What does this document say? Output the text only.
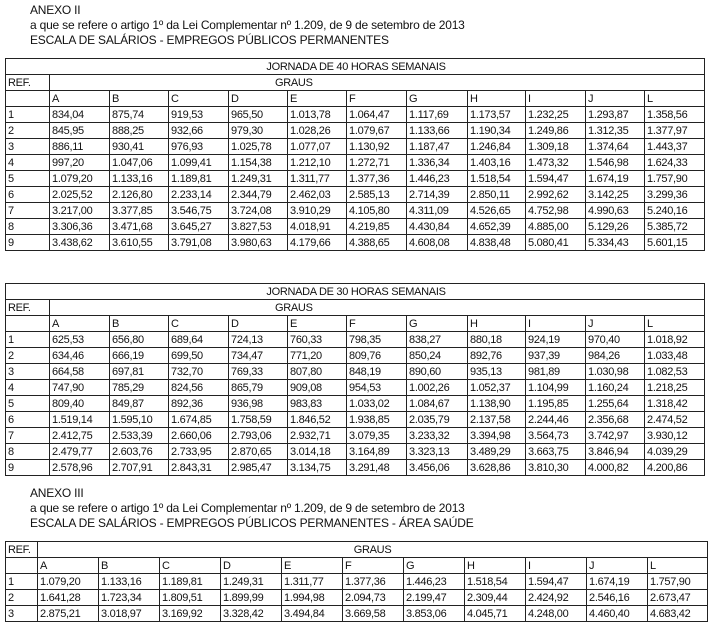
ANEXO II
a que se refere o artigo 1º da Lei Complementar nº 1.209, de 9 de setembro de 2013
ESCALA DE SALÁRIOS - EMPREGOS PÚBLICOS PERMANENTES
JORNADA DE 40 HORAS SEMANAIS											
REF.	GRAUS										
	A	B	C	D	E	F	G	H	I	J	L
1	834,04	875,74	919,53	965,50	1.013,78	1.064,47	1.117,69	1.173,57	1.232,25	1.293,87	1.358,56
2	845,95	888,25	932,66	979,30	1.028,26	1.079,67	1.133,66	1.190,34	1.249,86	1.312,35	1.377,97
3	886,11	930,41	976,93	1.025,78	1.077,07	1.130,92	1.187,47	1.246,84	1.309,18	1.374,64	1.443,37
4	997,20	1.047,06	1.099,41	1.154,38	1.212,10	1.272,71	1.336,34	1.403,16	1.473,32	1.546,98	1.624,33
5	1.079,20	1.133,16	1.189,81	1.249,31	1.311,77	1.377,36	1.446,23	1.518,54	1.594,47	1.674,19	1.757,90
6	2.025,52	2.126,80	2.233,14	2.344,79	2.462,03	2.585,13	2.714,39	2.850,11	2.992,62	3.142,25	3.299,36
7	3.217,00	3.377,85	3.546,75	3.724,08	3.910,29	4.105,80	4.311,09	4.526,65	4.752,98	4.990,63	5.240,16
8	3.306,36	3.471,68	3.645,27	3.827,53	4.018,91	4.219,85	4.430,84	4.652,39	4.885,00	5.129,26	5.385,72
9	3.438,62	3.610,55	3.791,08	3.980,63	4.179,66	4.388,65	4.608,08	4.838,48	5.080,41	5.334,43	5.601,15
JORNADA DE 30 HORAS SEMANAIS											
REF.	GRAUS										
	A	B	C	D	E	F	G	H	I	J	L
1	625,53	656,80	689,64	724,13	760,33	798,35	838,27	880,18	924,19	970,40	1.018,92
2	634,46	666,19	699,50	734,47	771,20	809,76	850,24	892,76	937,39	984,26	1.033,48
3	664,58	697,81	732,70	769,33	807,80	848,19	890,60	935,13	981,89	1.030,98	1.082,53
4	747,90	785,29	824,56	865,79	909,08	954,53	1.002,26	1.052,37	1.104,99	1.160,24	1.218,25
5	809,40	849,87	892,36	936,98	983,83	1.033,02	1.084,67	1.138,90	1.195,85	1.255,64	1.318,42
6	1.519,14	1.595,10	1.674,85	1.758,59	1.846,52	1.938,85	2.035,79	2.137,58	2.244,46	2.356,68	2.474,52
7	2.412,75	2.533,39	2.660,06	2.793,06	2.932,71	3.079,35	3.233,32	3.394,98	3.564,73	3.742,97	3.930,12
8	2.479,77	2.603,76	2.733,95	2.870,65	3.014,18	3.164,89	3.323,13	3.489,29	3.663,75	3.846,94	4.039,29
9	2.578,96	2.707,91	2.843,31	2.985,47	3.134,75	3.291,48	3.456,06	3.628,86	3.810,30	4.000,82	4.200,86
ANEXO III
a que se refere o artigo 1º da Lei Complementar nº 1.209, de 9 de setembro de 2013
ESCALA DE SALÁRIOS - EMPREGOS PÚBLICOS PERMANENTES - ÁREA SAÚDE
REF.	GRAUS										
	A	B	C	D	E	F	G	H	I	J	L
1	1.079,20	1.133,16	1.189,81	1.249,31	1.311,77	1.377,36	1.446,23	1.518,54	1.594,47	1.674,19	1.757,90
2	1.641,28	1.723,34	1.809,51	1.899,99	1.994,98	2.094,73	2.199,47	2.309,44	2.424,92	2.546,16	2.673,47
3	2.875,21	3.018,97	3.169,92	3.328,42	3.494,84	3.669,58	3.853,06	4.045,71	4.248,00	4.460,40	4.683,42
